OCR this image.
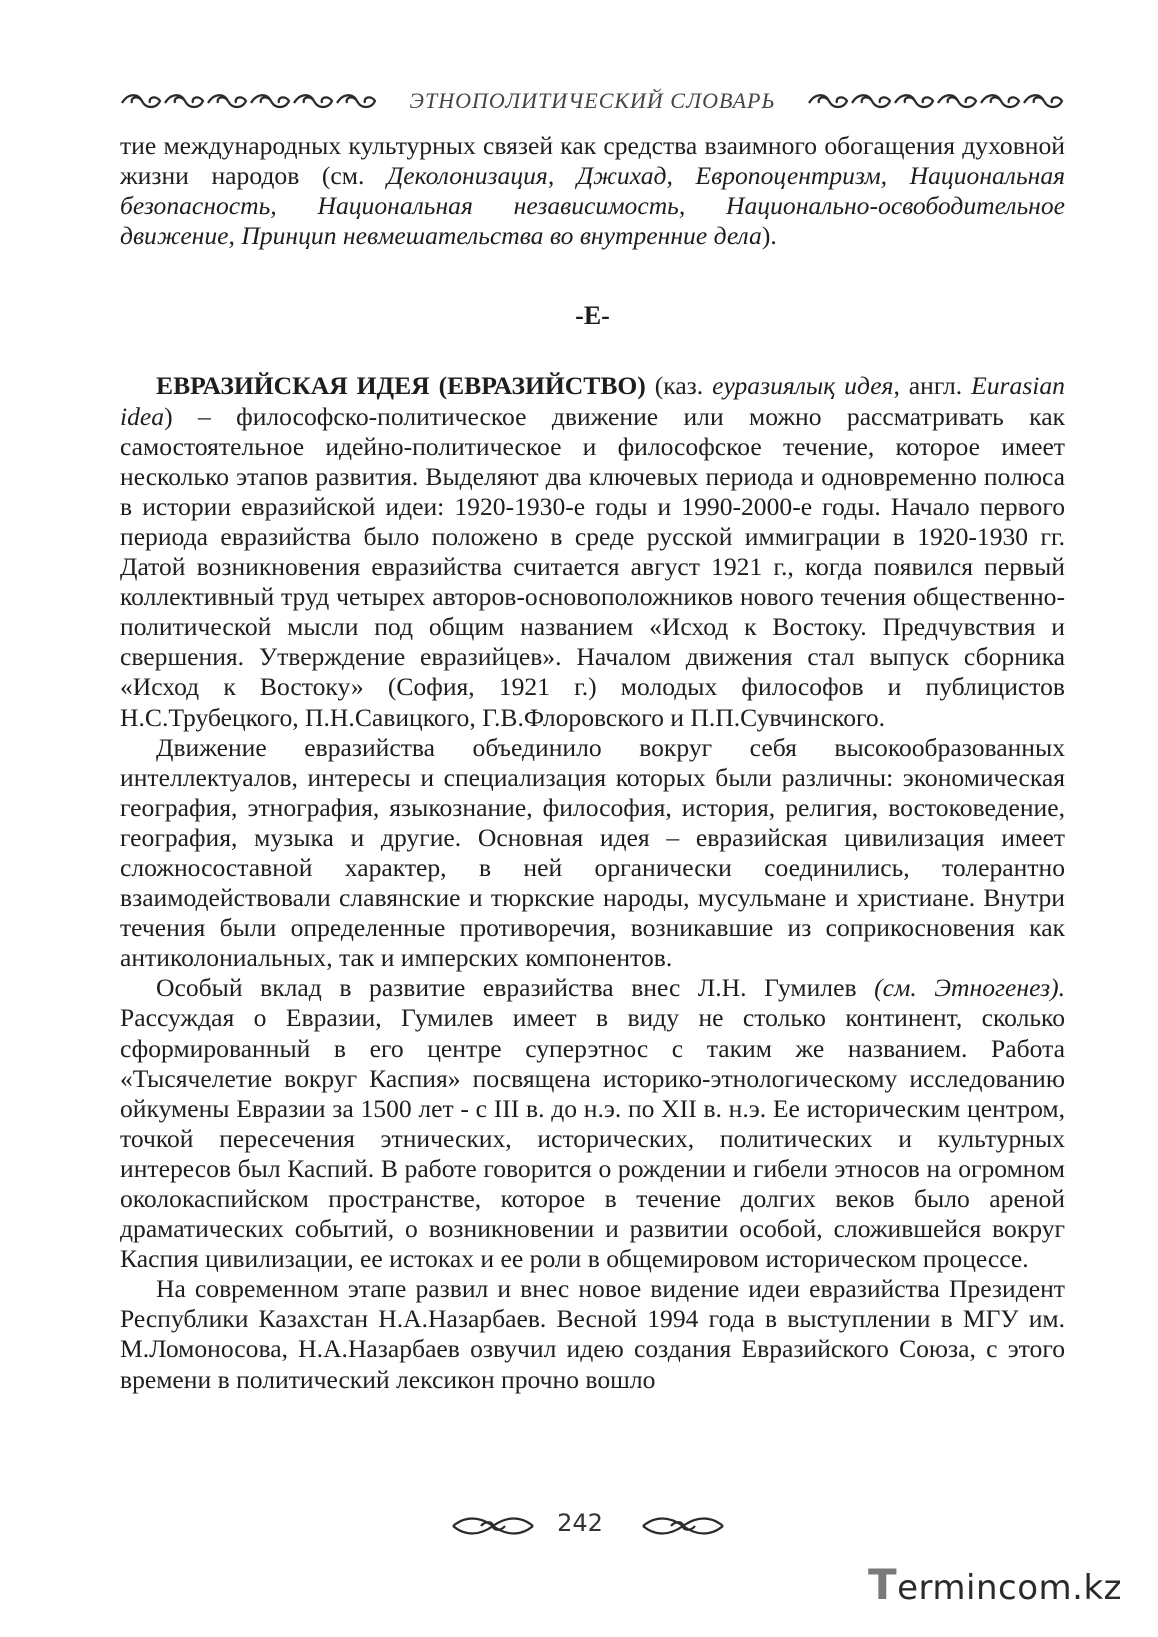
ЭТНОПОЛИТИЧЕСКИЙ СЛОВАРЬ

тие международных культурных связей как средства взаимного обогащения духовной жизни народов (см. Деколонизация, Джихад, Европоцентризм, Национальная безопасность, Национальная независимость, Национально-освободительное движение, Принцип невмешательства во внутренние дела).

-Е-

ЕВРАЗИЙСКАЯ ИДЕЯ (ЕВРАЗИЙСТВО) (каз. еуразиялық идея, англ. Eurasian idea) – философско-политическое движение или можно рассматривать как самостоятельное идейно-политическое и философское течение, которое имеет несколько этапов развития. Выделяют два ключевых периода и одновременно полюса в истории евразийской идеи: 1920-1930-е годы и 1990-2000-е годы. Начало первого периода евразийства было положено в среде русской иммиграции в 1920-1930 гг. Датой возникновения евразийства считается август 1921 г., когда появился первый коллективный труд четырех авторов-основоположников нового течения общественно-политической мысли под общим названием «Исход к Востоку. Предчувствия и свершения. Утверждение евразийцев». Началом движения стал выпуск сборника «Исход к Востоку» (София, 1921 г.) молодых философов и публицистов Н.С.Трубецкого, П.Н.Савицкого, Г.В.Флоровского и П.П.Сувчинского.

Движение евразийства объединило вокруг себя высокообразованных интеллектуалов, интересы и специализация которых были различны: экономическая география, этнография, языкознание, философия, история, религия, востоковедение, география, музыка и другие. Основная идея – евразийская цивилизация имеет сложносоставной характер, в ней органически соединились, толерантно взаимодействовали славянские и тюркские народы, мусульмане и христиане. Внутри течения были определенные противоречия, возникавшие из соприкосновения как антиколониальных, так и имперских компонентов.

Особый вклад в развитие евразийства внес Л.Н. Гумилев (см. Этногенез). Рассуждая о Евразии, Гумилев имеет в виду не столько континент, сколько сформированный в его центре суперэтнос с таким же названием. Работа «Тысячелетие вокруг Каспия» посвящена историко-этнологическому исследованию ойкумены Евразии за 1500 лет - с III в. до н.э. по XII в. н.э. Ее историческим центром, точкой пересечения этнических, исторических, политических и культурных интересов был Каспий. В работе говорится о рождении и гибели этносов на огромном околокаспийском пространстве, которое в течение долгих веков было ареной драматических событий, о возникновении и развитии особой, сложившейся вокруг Каспия цивилизации, ее истоках и ее роли в общемировом историческом процессе.

На современном этапе развил и внес новое видение идеи евразийства Президент Республики Казахстан Н.А.Назарбаев. Весной 1994 года в выступлении в МГУ им. М.Ломоносова, Н.А.Назарбаев озвучил идею создания Евразийского Союза, с этого времени в политический лексикон прочно вошло

242
Termincom.kz
